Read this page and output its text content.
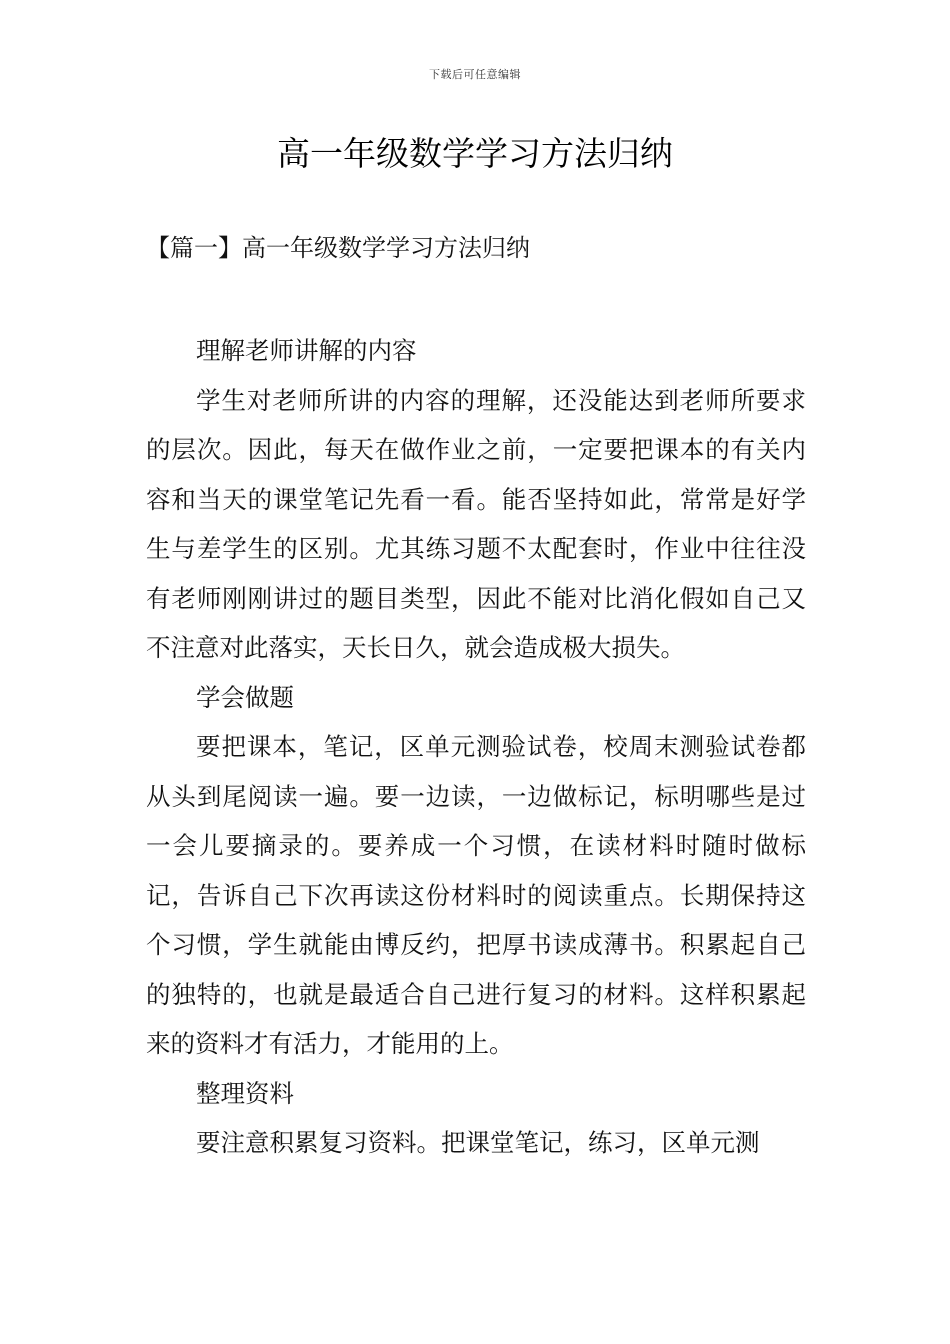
下载后可任意编辑
高一年级数学学习方法归纳
【篇一】高一年级数学学习方法归纳

理解老师讲解的内容

学生对老师所讲的内容的理解，还没能达到老师所要求的层次。因此，每天在做作业之前，一定要把课本的有关内容和当天的课堂笔记先看一看。能否坚持如此，常常是好学生与差学生的区别。尤其练习题不太配套时，作业中往往没有老师刚刚讲过的题目类型，因此不能对比消化假如自己又不注意对此落实，天长日久，就会造成极大损失。

学会做题

要把课本，笔记，区单元测验试卷，校周末测验试卷都从头到尾阅读一遍。要一边读，一边做标记，标明哪些是过一会儿要摘录的。要养成一个习惯，在读材料时随时做标记，告诉自己下次再读这份材料时的阅读重点。长期保持这个习惯，学生就能由博反约，把厚书读成薄书。积累起自己的独特的，也就是最适合自己进行复习的材料。这样积累起来的资料才有活力，才能用的上。

整理资料

要注意积累复习资料。把课堂笔记，练习，区单元测
